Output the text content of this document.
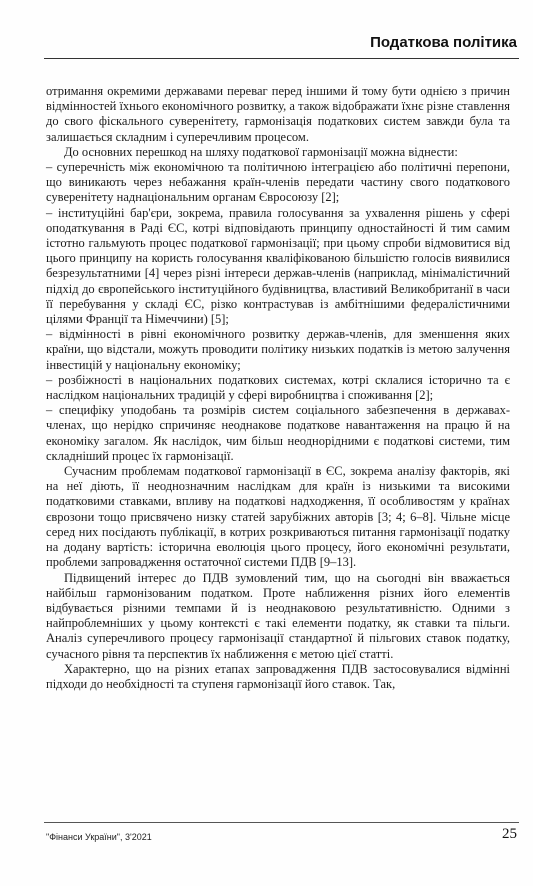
Податкова політика

отримання окремими державами переваг перед іншими й тому бути однією з причин відмінностей їхнього економічного розвитку, а також відображати їхнє різне ставлення до свого фіскального суверенітету, гармонізація податкових систем завжди була та залишається складним і суперечливим процесом.

До основних перешкод на шляху податкової гармонізації можна віднести:

– суперечність між економічною та політичною інтеграцією або політичні перепони, що виникають через небажання країн-членів передати частину свого податкового суверенітету наднаціональним органам Євросоюзу [2];

– інституційні бар'єри, зокрема, правила голосування за ухвалення рішень у сфері оподаткування в Раді ЄС, котрі відповідають принципу одностайності й тим самим істотно гальмують процес податкової гармонізації; при цьому спроби відмовитися від цього принципу на користь голосування кваліфікованою більшістю голосів виявилися безрезультатними [4] через різні інтереси держав-членів (наприклад, мінімалістичний підхід до європейського інституційного будівництва, властивий Великобританії в часи її перебування у складі ЄС, різко контрастував із амбітнішими федералістичними цілями Франції та Німеччини) [5];

– відмінності в рівні економічного розвитку держав-членів, для зменшення яких країни, що відстали, можуть проводити політику низьких податків із метою залучення інвестицій у національну економіку;

– розбіжності в національних податкових системах, котрі склалися історично та є наслідком національних традицій у сфері виробництва і споживання [2];

– специфіку уподобань та розмірів систем соціального забезпечення в державах-членах, що нерідко спричиняє неоднакове податкове навантаження на працю й на економіку загалом. Як наслідок, чим більш неоднорідними є податкові системи, тим складніший процес їх гармонізації.

Сучасним проблемам податкової гармонізації в ЄС, зокрема аналізу факторів, які на неї діють, її неоднозначним наслідкам для країн із низькими та високими податковими ставками, впливу на податкові надходження, її особливостям у країнах єврозони тощо присвячено низку статей зарубіжних авторів [3; 4; 6–8]. Чільне місце серед них посідають публікації, в котрих розкриваються питання гармонізації податку на додану вартість: історична еволюція цього процесу, його економічні результати, проблеми запровадження остаточної системи ПДВ [9–13].

Підвищений інтерес до ПДВ зумовлений тим, що на сьогодні він вважається найбільш гармонізованим податком. Проте наближення різних його елементів відбувається різними темпами й із неоднаковою результативністю. Одними з найпроблемніших у цьому контексті є такі елементи податку, як ставки та пільги. Аналіз суперечливого процесу гармонізації стандартної й пільгових ставок податку, сучасного рівня та перспектив їх наближення є метою цієї статті.

Характерно, що на різних етапах запровадження ПДВ застосовувалися відмінні підходи до необхідності та ступеня гармонізації його ставок. Так,

"Фінанси України", 3'2021	25
